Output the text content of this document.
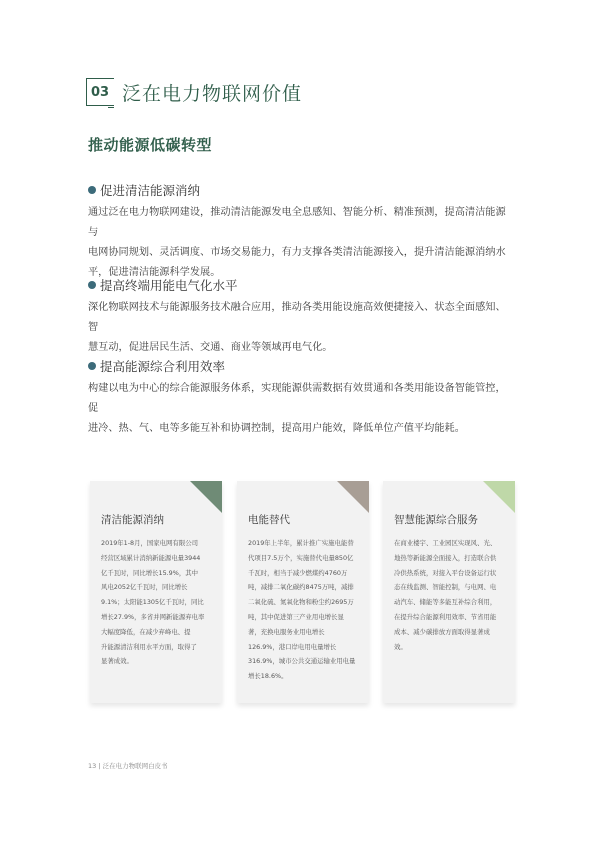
03 泛在电力物联网价值
推动能源低碳转型
促进清洁能源消纳
通过泛在电力物联网建设，推动清洁能源发电全息感知、智能分析、精准预测，提高清洁能源与
电网协同规划、灵活调度、市场交易能力，有力支撑各类清洁能源接入，提升清洁能源消纳水
平，促进清洁能源科学发展。
提高终端用能电气化水平
深化物联网技术与能源服务技术融合应用，推动各类用能设施高效便捷接入、状态全面感知、智
慧互动，促进居民生活、交通、商业等领域再电气化。
提高能源综合利用效率
构建以电为中心的综合能源服务体系，实现能源供需数据有效贯通和各类用能设备智能管控，促
进冷、热、气、电等多能互补和协调控制，提高用户能效，降低单位产值平均能耗。
清洁能源消纳
2019年1-8月，国家电网有限公司
经营区域累计消纳新能源电量3944
亿千瓦时，同比增长15.9%，其中
风电2052亿千瓦时，同比增长
9.1%；太阳能1305亿千瓦时，同比
增长27.9%，多省并网新能源弃电率
大幅度降低，在减少弃峰电、提
升能源清洁利用水平方面，取得了
显著成效。
电能替代
2019年上半年，累计推广实施电能替
代项目7.5万个，实施替代电量850亿
千瓦时，相当于减少燃煤约4760万
吨，减排二氧化碳约8475万吨，减排
二氧化硫、氮氧化物和粉尘约2695万
吨，其中促进第三产业用电增长显
著，充换电服务业用电增长
126.9%，港口岸电用电量增长
316.9%，城市公共交通运输业用电量
增长18.6%。
智慧能源综合服务
在商业楼宇、工业园区实现风、光、
地热等新能源全面接入，打造联合供
冷供热系统，对接入平台设备运行状
态在线监测、智能控制，与电网、电
动汽车、储能等多能互补综合利用，
在提升综合能源利用效率、节省用能
成本、减少碳排放方面取得显著成
效。
13 | 泛在电力物联网白皮书
